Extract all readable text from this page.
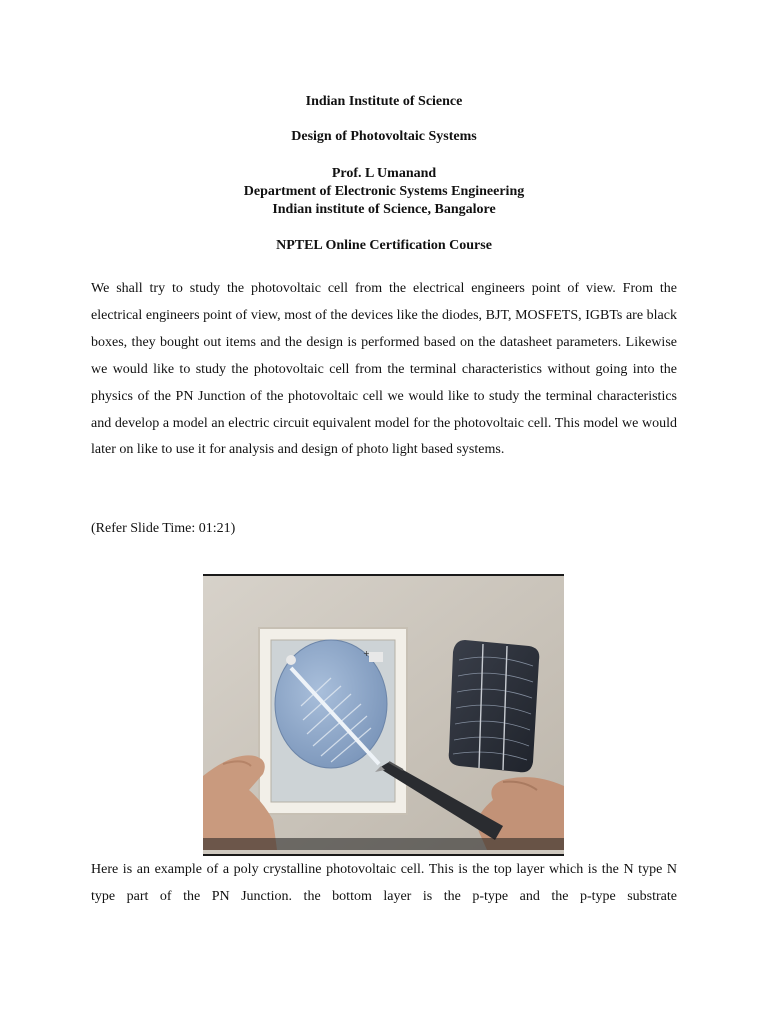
Indian Institute of Science

Design of Photovoltaic Systems

Prof. L Umanand

Department of Electronic Systems Engineering

Indian institute of Science, Bangalore

NPTEL Online Certification Course

We shall try to study the photovoltaic cell from the electrical engineers point of view. From the electrical engineers point of view, most of the devices like the diodes, BJT, MOSFETS, IGBTs are black boxes, they bought out items and the design is performed based on the datasheet parameters. Likewise we would like to study the photovoltaic cell from the terminal characteristics without going into the physics of the PN Junction of the photovoltaic cell we would like to study the terminal characteristics and develop a model an electric circuit equivalent model for the photovoltaic cell. This model we would later on like to use it for analysis and design of photo light based systems.

(Refer Slide Time: 01:21)

+

Here is an example of a poly crystalline photovoltaic cell. This is the top layer which is the N type N type part of the PN Junction. the bottom layer is the p-type and the p-type substrate
